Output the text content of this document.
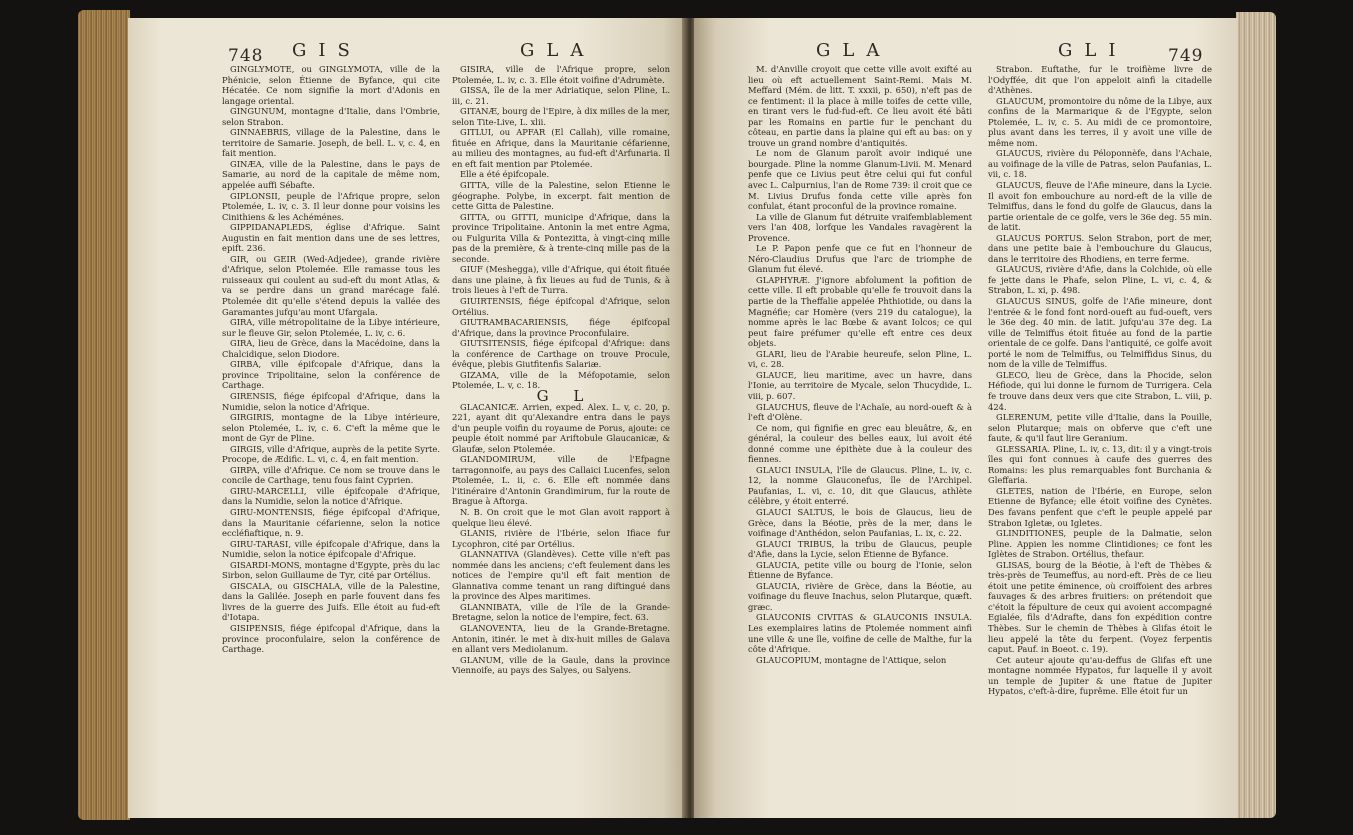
748 GIS	GLA

GINGLYMOTE, ou GINGLYMOTA, ville de la Phénicie, selon Étienne de Byfance, qui cite Hécatée. Ce nom signifie la mort d'Adonis en langage oriental.

GINGUNUM, montagne d'Italie, dans l'Ombrie, selon Strabon.

GINNAEBRIS, village de la Palestine, dans le territoire de Samarie. Joseph, de bell. L. v, c. 4, en fait mention.

GINÆA, ville de la Palestine, dans le pays de Samarie, au nord de la capitale de même nom, appelée auffi Sébafte.

GIPLONSII, peuple de l'Afrique propre, selon Ptolemée, L. iv, c. 3. Il leur donne pour voisins les Cinithiens & les Achéménes.

GIPPIDANAPLEDS, église d'Afrique. Saint Augustin en fait mention dans une de ses lettres, epift. 236.

GIR, ou GEIR (Wed-Adjedee), grande rivière d'Afrique, selon Ptolemée. Elle ramasse tous les ruisseaux qui coulent au sud-eft du mont Atlas, & va se perdre dans un grand marécage falé. Ptolemée dit qu'elle s'étend depuis la vallée des Garamantes jufqu'au mont Ufargala.

GIRA, ville métropolitaine de la Libye intérieure, sur le fleuve Gir, selon Ptolemée, L. iv, c. 6.

GIRA, lieu de Grèce, dans la Macédoine, dans la Chalcidique, selon Diodore.

GIRBA, ville épifcopale d'Afrique, dans la province Tripolitaine, selon la conférence de Carthage.

GIRENSIS, fiége épifcopal d'Afrique, dans la Numidie, selon la notice d'Afrique.

GIRGIRIS, montagne de la Libye intérieure, selon Ptolemée, L. iv, c. 6. C'eft la même que le mont de Gyr de Pline.

GIRGIS, ville d'Afrique, auprès de la petite Syrte. Procope, de Ædific. L. vi, c. 4, en fait mention.

GIRPA, ville d'Afrique. Ce nom se trouve dans le concile de Carthage, tenu fous faint Cyprien.

GIRU-MARCELLI, ville épifcopale d'Afrique, dans la Numidie, selon la notice d'Afrique.

GIRU-MONTENSIS, fiége épifcopal d'Afrique, dans la Mauritanie céfarienne, selon la notice eccléfiaftique, n. 9.

GIRU-TARASI, ville épifcopale d'Afrique, dans la Numidie, selon la notice épifcopale d'Afrique.

GISARDI-MONS, montagne d'Egypte, près du lac Sirbon, selon Guillaume de Tyr, cité par Ortélius.

GISCALA, ou GISCHALA, ville de la Palestine, dans la Galilée. Joseph en parle fouvent dans fes livres de la guerre des Juifs. Elle étoit au fud-eft d'Iotapa.

GISIPENSIS, fiége épifcopal d'Afrique, dans la province proconfulaire, selon la conférence de Carthage.

GISIRA, ville de l'Afrique propre, selon Ptolemée, L. iv, c. 3. Elle étoit voifine d'Adrumète.

GISSA, île de la mer Adriatique, selon Pline, L. iii, c. 21.

GITANÆ, bourg de l'Epire, à dix milles de la mer, selon Tite-Live, L. xlii.

GITLUI, ou APFAR (El Callah), ville romaine, fituée en Afrique, dans la Mauritanie céfarienne, au milieu des montagnes, au fud-eft d'Arfunaria. Il en eft fait mention par Ptolemée.

Elle a été épifcopale.

GITTA, ville de la Palestine, selon Etienne le géographe. Polybe, in excerpt. fait mention de cette Gitta de Palestine.

GITTA, ou GITTI, municipe d'Afrique, dans la province Tripolitaine. Antonin la met entre Agma, ou Fulgurita Villa & Pontezitta, à vingt-cinq mille pas de la première, & à trente-cinq mille pas de la seconde.

GIUF (Meshegga), ville d'Afrique, qui étoit fituée dans une plaine, à fix lieues au fud de Tunis, & à trois lieues à l'eft de Turra.

GIUIRTENSIS, fiége épifcopal d'Afrique, selon Ortélius.

GIUTRAMBACARIENSIS, fiége épifcopal d'Afrique, dans la province Proconfulaire.

GIUTSITENSIS, fiége épifcopal d'Afrique: dans la conférence de Carthage on trouve Procule, évêque, plebis Giutfitenfis Salariæ.

GIZAMA, ville de la Méfopotamie, selon Ptolemée, L. v, c. 18.

G L

GLACANICÆ. Arrien, exped. Alex. L. v, c. 20, p. 221, ayant dit qu'Alexandre entra dans le pays d'un peuple voifin du royaume de Porus, ajoute: ce peuple étoit nommé par Ariftobule Glaucanicæ, & Glaufæ, selon Ptolemée.

GLANDOMIRUM, ville de l'Efpagne tarragonnoife, au pays des Callaici Lucenfes, selon Ptolemée, L. ii, c. 6. Elle eft nommée dans l'itinéraire d'Antonin Grandimirum, fur la route de Brague à Aftorga.

N. B. On croit que le mot Glan avoit rapport à quelque lieu élevé.

GLANIS, rivière de l'Ibérie, selon Ifiace fur Lycophron, cité par Ortélius.

GLANNATIVA (Glandèves). Cette ville n'eft pas nommée dans les anciens; c'eft feulement dans les notices de l'empire qu'il eft fait mention de Glannativa comme tenant un rang diftingué dans la province des Alpes maritimes.

GLANNIBATA, ville de l'île de la Grande-Bretagne, selon la notice de l'empire, fect. 63.

GLANOVENTA, lieu de la Grande-Bretagne. Antonin, itinér. le met à dix-huit milles de Galava en allant vers Mediolanum.

GLANUM, ville de la Gaule, dans la province Viennoife, au pays des Salyes, ou Salyens.

GLA	GLI 749

M. d'Anville croyoit que cette ville avoit exifté au lieu où eft actuellement Saint-Remi. Mais M. Meffard (Mém. de litt. T. xxxii, p. 650), n'eft pas de ce fentiment: il la place à mille toifes de cette ville, en tirant vers le fud-fud-eft. Ce lieu avoit été bâti par les Romains en partie fur le penchant du côteau, en partie dans la plaine qui eft au bas: on y trouve un grand nombre d'antiquités.

Le nom de Glanum paroît avoir indiqué une bourgade. Pline la nomme Glanum-Livii. M. Menard penfe que ce Livius peut être celui qui fut conful avec L. Calpurnius, l'an de Rome 739: il croit que ce M. Livius Drufus fonda cette ville après fon confulat, étant proconful de la province romaine.

La ville de Glanum fut détruite vraifemblablement vers l'an 408, lorfque les Vandales ravagèrent la Provence.

Le P. Papon penfe que ce fut en l'honneur de Néro-Claudius Drufus que l'arc de triomphe de Glanum fut élevé.

GLAPHYRÆ. J'ignore abfolument la pofition de cette ville. Il eft probable qu'elle fe trouvoit dans la partie de la Theffalie appelée Phthiotide, ou dans la Magnéfie; car Homère (vers 219 du catalogue), la nomme après le lac Bœbe & avant Iolcos; ce qui peut faire préfumer qu'elle eft entre ces deux objets.

GLARI, lieu de l'Arabie heureufe, selon Pline, L. vi, c. 28.

GLAUCE, lieu maritime, avec un havre, dans l'Ionie, au territoire de Mycale, selon Thucydide, L. viii, p. 607.

GLAUCHUS, fleuve de l'Achaïe, au nord-oueft & à l'eft d'Olène.

Ce nom, qui fignifie en grec eau bleuâtre, &, en général, la couleur des belles eaux, lui avoit été donné comme une épithète due à la couleur des fiennes.

GLAUCI INSULA, l'île de Glaucus. Pline, L. iv, c. 12, la nomme Glauconefus, île de l'Archipel. Paufanias, L. vi, c. 10, dit que Glaucus, athlète célèbre, y étoit enterré.

GLAUCI SALTUS, le bois de Glaucus, lieu de Grèce, dans la Béotie, près de la mer, dans le voifinage d'Anthédon, selon Paufanias, L. ix, c. 22.

GLAUCI TRIBUS, la tribu de Glaucus, peuple d'Afie, dans la Lycie, selon Étienne de Byfance.

GLAUCIA, petite ville ou bourg de l'Ionie, selon Étienne de Byfance.

GLAUCIA, rivière de Grèce, dans la Béotie, au voifinage du fleuve Inachus, selon Plutarque, quæft. græc.

GLAUCONIS CIVITAS & GLAUCONIS INSULA. Les exemplaires latins de Ptolemée nomment ainfi une ville & une île, voifine de celle de Malthe, fur la côte d'Afrique.

GLAUCOPIUM, montagne de l'Attique, selon

Strabon. Euftathe, fur le troifième livre de l'Odyffée, dit que l'on appeloit ainfi la citadelle d'Athènes.

GLAUCUM, promontoire du nôme de la Libye, aux confins de la Marmarique & de l'Egypte, selon Ptolemée, L. iv, c. 5. Au midi de ce promontoire, plus avant dans les terres, il y avoit une ville de même nom.

GLAUCUS, rivière du Péloponnèfe, dans l'Achaie, au voifinage de la ville de Patras, selon Paufanias, L. vii, c. 18.

GLAUCUS, fleuve de l'Afie mineure, dans la Lycie. Il avoit fon embouchure au nord-eft de la ville de Telmiffus, dans le fond du golfe de Glaucus, dans la partie orientale de ce golfe, vers le 36e deg. 55 min. de latit.

GLAUCUS PORTUS. Selon Strabon, port de mer, dans une petite baie à l'embouchure du Glaucus, dans le territoire des Rhodiens, en terre ferme.

GLAUCUS, rivière d'Afie, dans la Colchide, où elle fe jette dans le Phafe, selon Pline, L. vi, c. 4, & Strabon, L. xi, p. 498.

GLAUCUS SINUS, golfe de l'Afie mineure, dont l'entrée & le fond font nord-oueft au fud-oueft, vers le 36e deg. 40 min. de latit. jufqu'au 37e deg. La ville de Telmiffus étoit fituée au fond de la partie orientale de ce golfe. Dans l'antiquité, ce golfe avoit porté le nom de Telmiffus, ou Telmiffidus Sinus, du nom de la ville de Telmiffus.

GLECO, lieu de Grèce, dans la Phocide, selon Héfiode, qui lui donne le furnom de Turrigera. Cela fe trouve dans deux vers que cite Strabon, L. viii, p. 424.

GLERENUM, petite ville d'Italie, dans la Pouille, selon Plutarque; mais on obferve que c'eft une faute, & qu'il faut lire Geranium.

GLESSARIA. Pline, L. iv, c. 13, dit: il y a vingt-trois îles qui font connues à caufe des guerres des Romains: les plus remarquables font Burchania & Gleffaria.

GLETES, nation de l'Ibérie, en Europe, selon Etienne de Byfance; elle étoit voifine des Cynètes. Des favans penfent que c'eft le peuple appelé par Strabon Igletæ, ou Igletes.

GLINDITIONES, peuple de la Dalmatie, selon Pline. Appien les nomme Clintidiones; ce font les Iglètes de Strabon. Ortélius, thefaur.

GLISAS, bourg de la Béotie, à l'eft de Thèbes & très-près de Teumeffus, au nord-eft. Près de ce lieu étoit une petite éminence, où croiffoient des arbres fauvages & des arbres fruitiers: on prétendoit que c'étoit la fépulture de ceux qui avoient accompagné Egialée, fils d'Adrafte, dans fon expédition contre Thèbes. Sur le chemin de Thèbes à Glifas étoit le lieu appelé la tête du ferpent. (Voyez ferpentis caput. Pauf. in Boeot. c. 19).

Cet auteur ajoute qu'au-deffus de Glifas eft une montagne nommée Hypatos, fur laquelle il y avoit un temple de Jupiter & une ftatue de Jupiter Hypatos, c'eft-à-dire, fuprême. Elle étoit fur un
